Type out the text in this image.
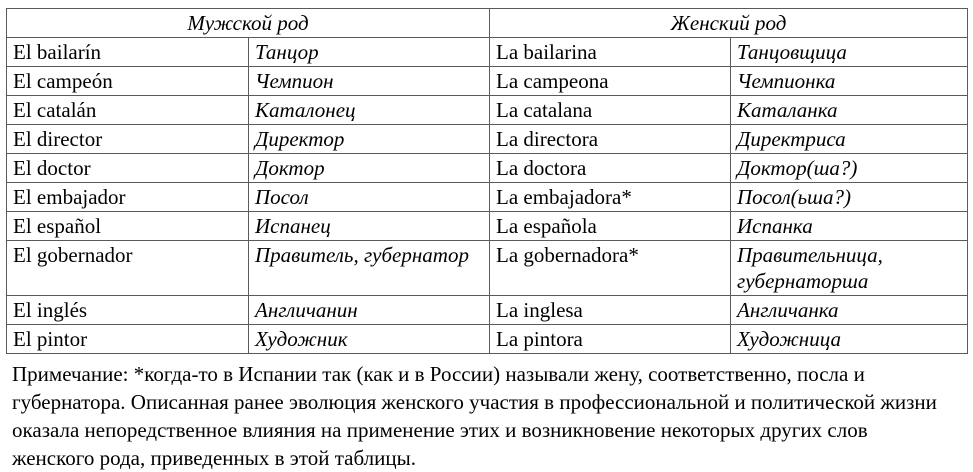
Мужской род		Женский род	
El bailarín	Танцор	La bailarina	Танцовщица
El campeón	Чемпион	La campeona	Чемпионка
El catalán	Каталонец	La catalana	Каталанка
El director	Директор	La directora	Директриса
El doctor	Доктор	La doctora	Доктор(ша?)
El embajador	Посол	La embajadora*	Посол(ьша?)
El español	Испанец	La española	Испанка
El gobernador	Правитель, губернатор	La gobernadora*	Правительница, губернаторша
El inglés	Англичанин	La inglesa	Англичанка
El pintor	Художник	La pintora	Художница
Примечание: *когда-то в Испании так (как и в России) называли жену, соответственно, посла и губернатора. Описанная ранее эволюция женского участия в профессиональной и политической жизни оказала непоредственное влияния на применение этих и возникновение некоторых других слов женского рода, приведенных в этой таблицы.
